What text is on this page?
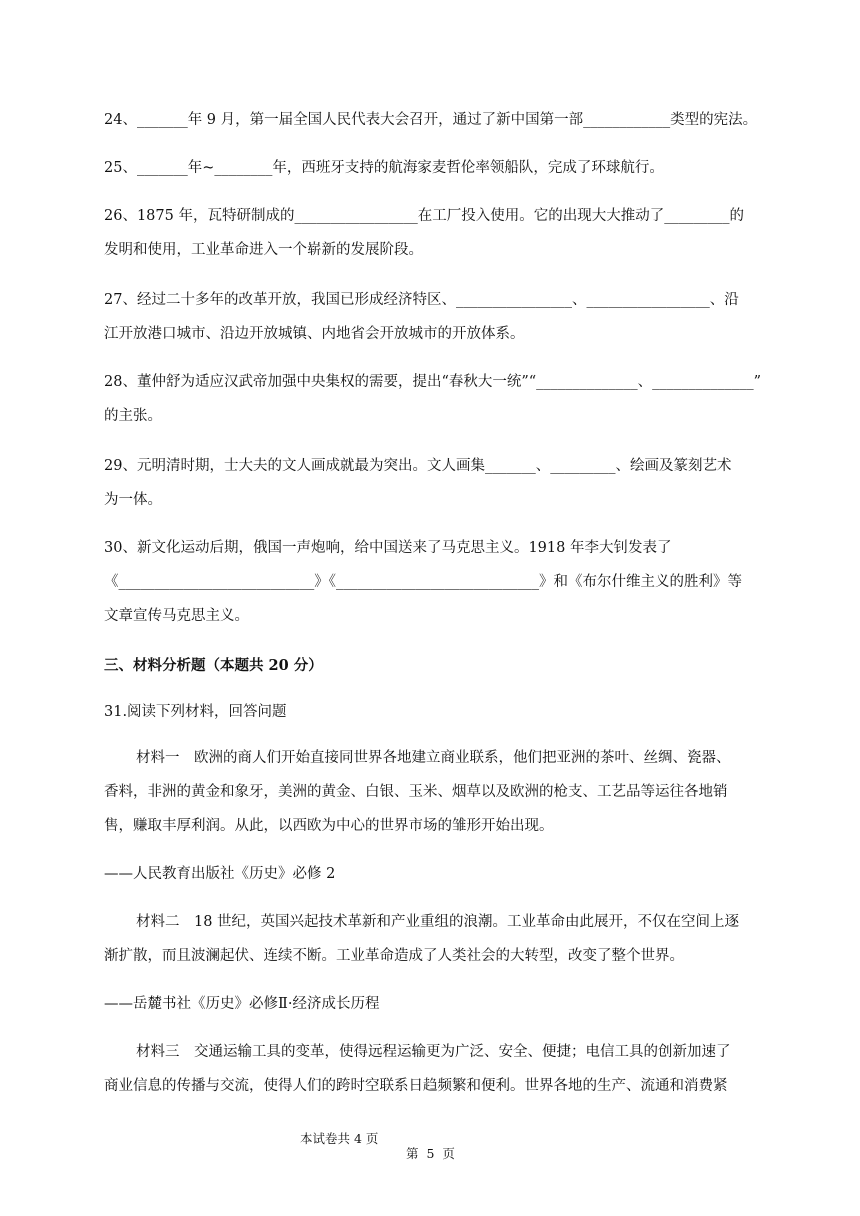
24、_______年 9 月，第一届全国人民代表大会召开，通过了新中国第一部____________类型的宪法。
25、_______年~________年，西班牙支持的航海家麦哲伦率领船队，完成了环球航行。
26、1875 年，瓦特研制成的_________________在工厂投入使用。它的出现大大推动了_________的
发明和使用，工业革命进入一个崭新的发展阶段。
27、经过二十多年的改革开放，我国已形成经济特区、________________、_________________、沿
江开放港口城市、沿边开放城镇、内地省会开放城市的开放体系。
28、董仲舒为适应汉武帝加强中央集权的需要，提出“春秋大一统”“______________、______________”
的主张。
29、元明清时期，士大夫的文人画成就最为突出。文人画集_______、_________、绘画及篆刻艺术
为一体。
30、新文化运动后期，俄国一声炮响，给中国送来了马克思主义。1918 年李大钊发表了
《___________________________》《____________________________》和《布尔什维主义的胜利》等
文章宣传马克思主义。
三、材料分析题（本题共 20 分）
31.阅读下列材料，回答问题
材料一　欧洲的商人们开始直接同世界各地建立商业联系，他们把亚洲的茶叶、丝绸、瓷器、
香料，非洲的黄金和象牙，美洲的黄金、白银、玉米、烟草以及欧洲的枪支、工艺品等运往各地销
售，赚取丰厚利润。从此，以西欧为中心的世界市场的雏形开始出现。
——人民教育出版社《历史》必修 2
材料二　18 世纪，英国兴起技术革新和产业重组的浪潮。工业革命由此展开，不仅在空间上逐
渐扩散，而且波澜起伏、连续不断。工业革命造成了人类社会的大转型，改变了整个世界。
——岳麓书社《历史》必修Ⅱ·经济成长历程
材料三　交通运输工具的变革，使得远程运输更为广泛、安全、便捷；电信工具的创新加速了
商业信息的传播与交流，使得人们的跨时空联系日趋频繁和便利。世界各地的生产、流通和消费紧

本试卷共 4 页

第  5  页
